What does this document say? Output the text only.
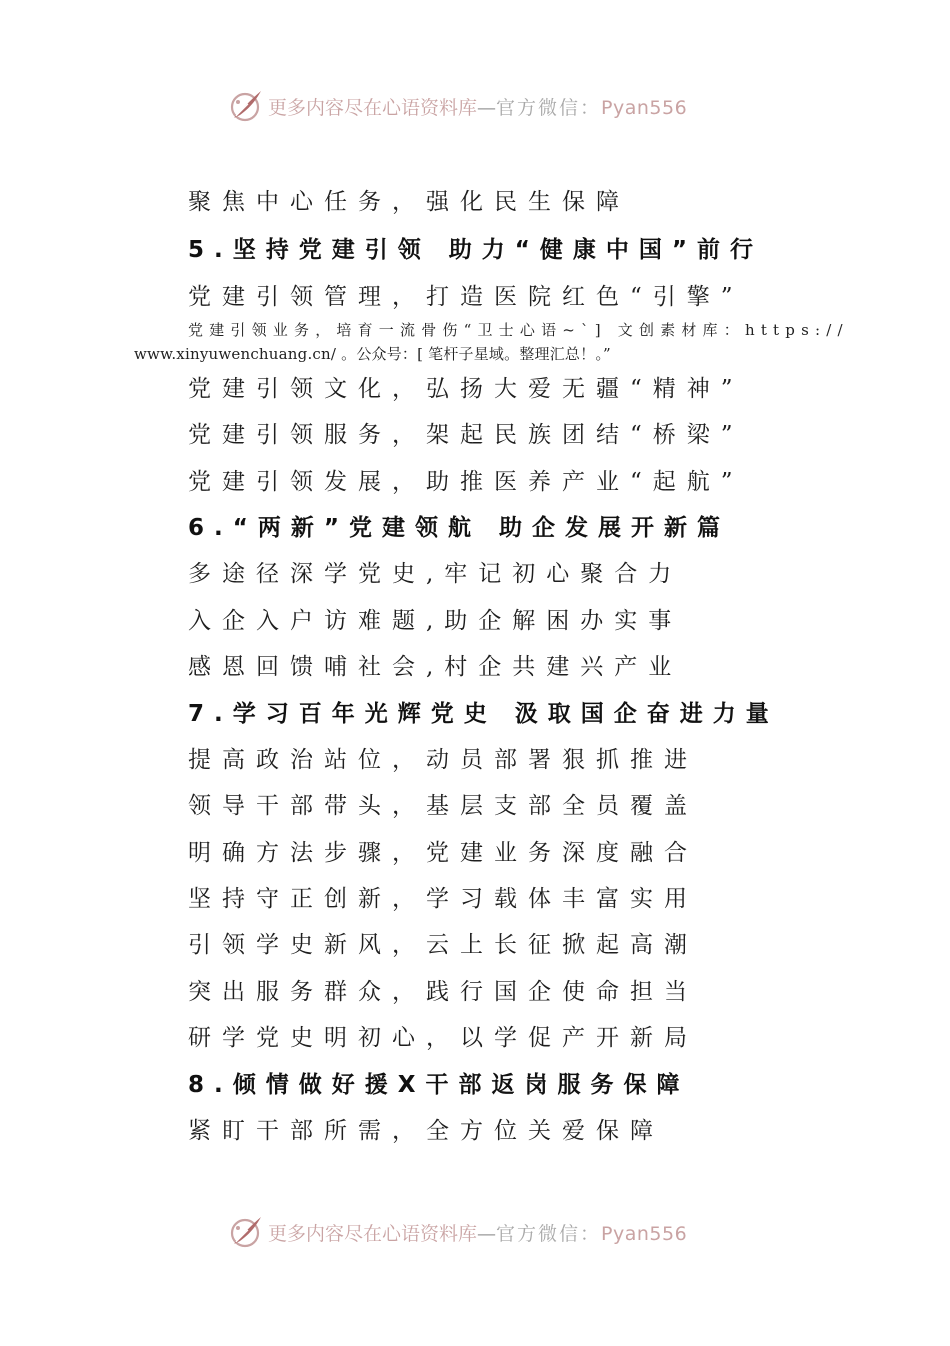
更多内容尽在心语资料库—官方微信：Pyan556
聚焦中心任务，强化民生保障
5.坚持党建引领 助力“健康中国”前行
党建引领管理，打造医院红色“引擎”
党建引领文化，弘扬大爱无疆“精神”
党建引领服务，架起民族团结“桥梁”
党建引领发展，助推医养产业“起航”
6.“两新”党建领航 助企发展开新篇
多途径深学党史,牢记初心聚合力
入企入户访难题,助企解困办实事
感恩回馈哺社会,村企共建兴产业
7.学习百年光辉党史 汲取国企奋进力量
提高政治站位，动员部署狠抓推进
领导干部带头，基层支部全员覆盖
明确方法步骤，党建业务深度融合
坚持守正创新，学习载体丰富实用
引领学史新风，云上长征掀起高潮
突出服务群众，践行国企使命担当
研学党史明初心，以学促产开新局
8.倾情做好援X干部返岗服务保障
紧盯干部所需，全方位关爱保障
党建引领业务，培育一流骨伤“卫士心语~`] 文创素材库：https://
www.xinyuwenchuang.cn/ 。公众号：[ 笔杆子星域。整理汇总！。”
更多内容尽在心语资料库—官方微信：Pyan556
